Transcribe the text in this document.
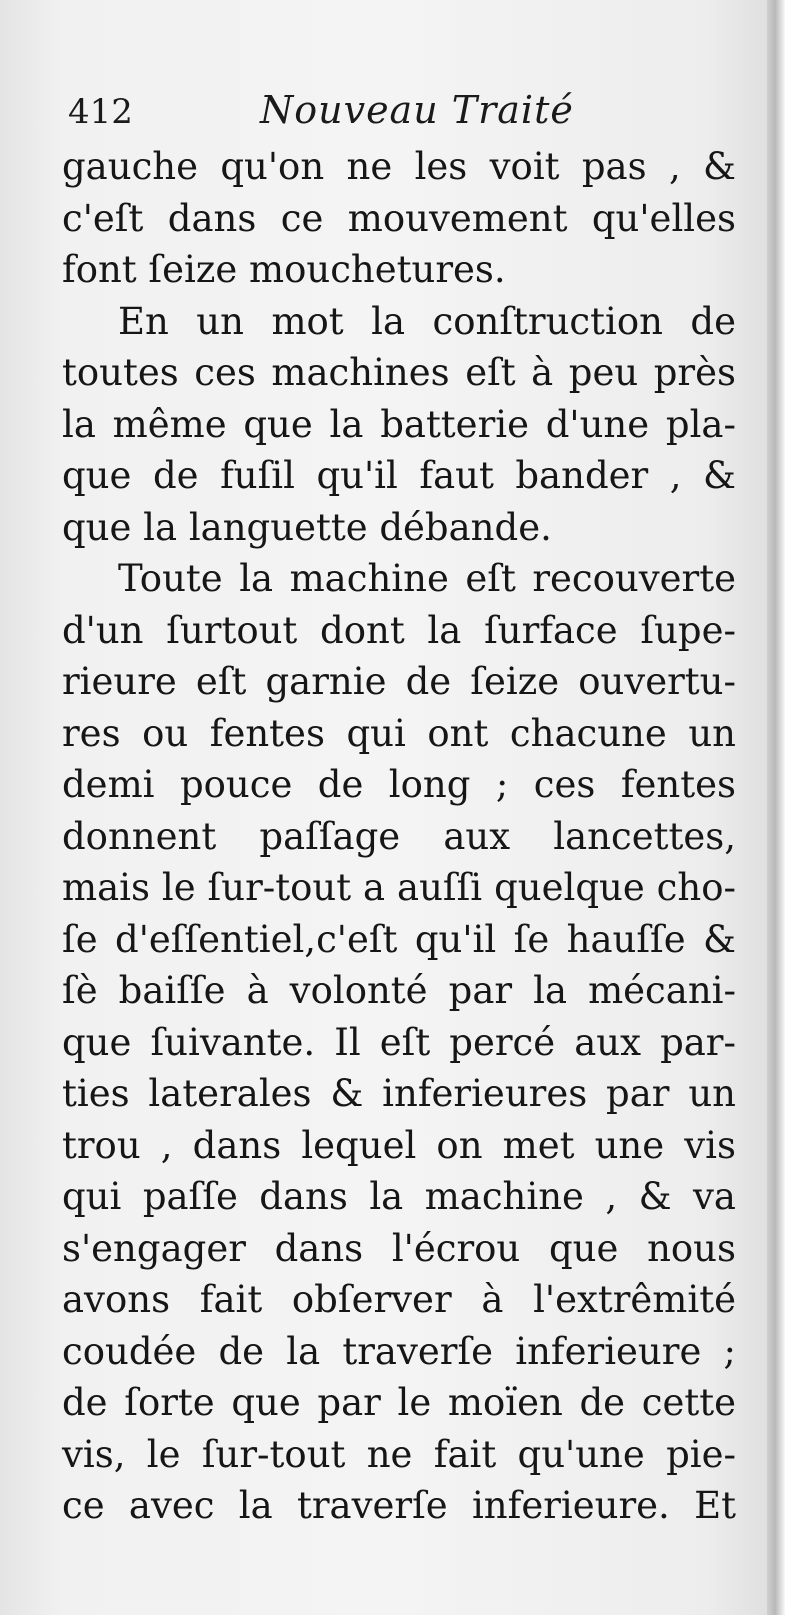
412	Nouveau Traité
gauche qu'on ne les voit pas , &
c'eſt dans ce mouvement qu'elles
font ſeize mouchetures.
En un mot la conſtruction de
toutes ces machines eſt à peu près
la même que la batterie d'une pla-
que de fuſil qu'il faut bander , &
que la languette débande.
Toute la machine eſt recouverte
d'un ſurtout dont la ſurface ſupe-
rieure eſt garnie de ſeize ouvertu-
res ou fentes qui ont chacune un
demi pouce de long ; ces fentes
donnent paſſage aux lancettes,
mais le ſur-tout a auſſi quelque cho-
ſe d'eſſentiel,c'eſt qu'il ſe hauſſe &
ſè baiſſe à volonté par la mécani-
que ſuivante. Il eſt percé aux par-
ties laterales & inferieures par un
trou , dans lequel on met une vis
qui paſſe dans la machine , & va
s'engager dans l'écrou que nous
avons fait obſerver à l'extrêmité
coudée de la traverſe inferieure ;
de ſorte que par le moïen de cette
vis, le ſur-tout ne fait qu'une pie-
ce avec la traverſe inferieure. Et
